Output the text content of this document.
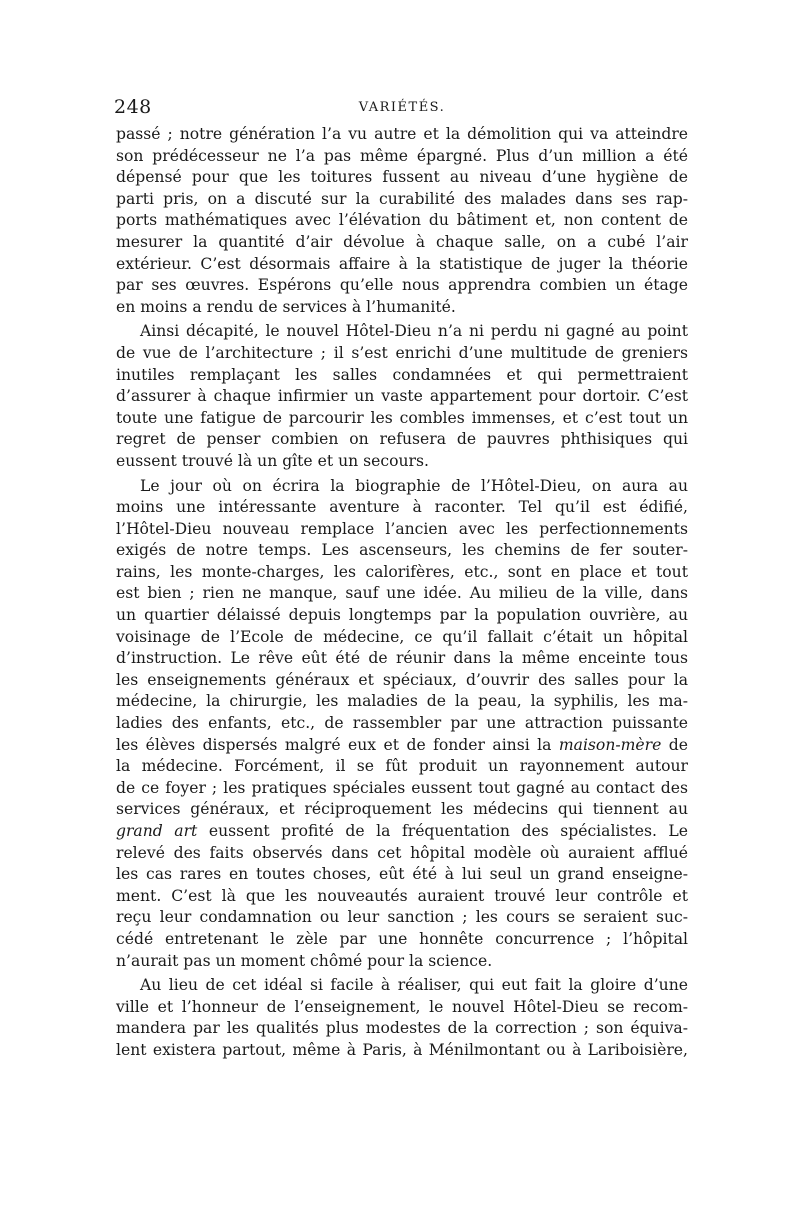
248	VARIÉTÉS.

passé ; notre génération l’a vu autre et la démolition qui va atteindre
son prédécesseur ne l’a pas même épargné. Plus d’un million a été
dépensé pour que les toitures fussent au niveau d’une hygiène de
parti pris, on a discuté sur la curabilité des malades dans ses rap-
ports mathématiques avec l’élévation du bâtiment et, non content de
mesurer la quantité d’air dévolue à chaque salle, on a cubé l’air
extérieur. C’est désormais affaire à la statistique de juger la théorie
par ses œuvres. Espérons qu’elle nous apprendra combien un étage
en moins a rendu de services à l’humanité.

Ainsi décapité, le nouvel Hôtel-Dieu n’a ni perdu ni gagné au point
de vue de l’architecture ; il s’est enrichi d’une multitude de greniers
inutiles remplaçant les salles condamnées et qui permettraient
d’assurer à chaque infirmier un vaste appartement pour dortoir. C’est
toute une fatigue de parcourir les combles immenses, et c’est tout un
regret de penser combien on refusera de pauvres phthisiques qui
eussent trouvé là un gîte et un secours.

Le jour où on écrira la biographie de l’Hôtel-Dieu, on aura au
moins une intéressante aventure à raconter. Tel qu’il est édifié,
l’Hôtel-Dieu nouveau remplace l’ancien avec les perfectionnements
exigés de notre temps. Les ascenseurs, les chemins de fer souter-
rains, les monte-charges, les calorifères, etc., sont en place et tout
est bien ; rien ne manque, sauf une idée. Au milieu de la ville, dans
un quartier délaissé depuis longtemps par la population ouvrière, au
voisinage de l’Ecole de médecine, ce qu’il fallait c’était un hôpital
d’instruction. Le rêve eût été de réunir dans la même enceinte tous
les enseignements généraux et spéciaux, d’ouvrir des salles pour la
médecine, la chirurgie, les maladies de la peau, la syphilis, les ma-
ladies des enfants, etc., de rassembler par une attraction puissante
les élèves dispersés malgré eux et de fonder ainsi la maison-mère de
la médecine. Forcément, il se fût produit un rayonnement autour
de ce foyer ; les pratiques spéciales eussent tout gagné au contact des
services généraux, et réciproquement les médecins qui tiennent au
grand art eussent profité de la fréquentation des spécialistes. Le
relevé des faits observés dans cet hôpital modèle où auraient afflué
les cas rares en toutes choses, eût été à lui seul un grand enseigne-
ment. C’est là que les nouveautés auraient trouvé leur contrôle et
reçu leur condamnation ou leur sanction ; les cours se seraient suc-
cédé entretenant le zèle par une honnête concurrence ; l’hôpital
n’aurait pas un moment chômé pour la science.

Au lieu de cet idéal si facile à réaliser, qui eut fait la gloire d’une
ville et l’honneur de l’enseignement, le nouvel Hôtel-Dieu se recom-
mandera par les qualités plus modestes de la correction ; son équiva-
lent existera partout, même à Paris, à Ménilmontant ou à Lariboisière,
